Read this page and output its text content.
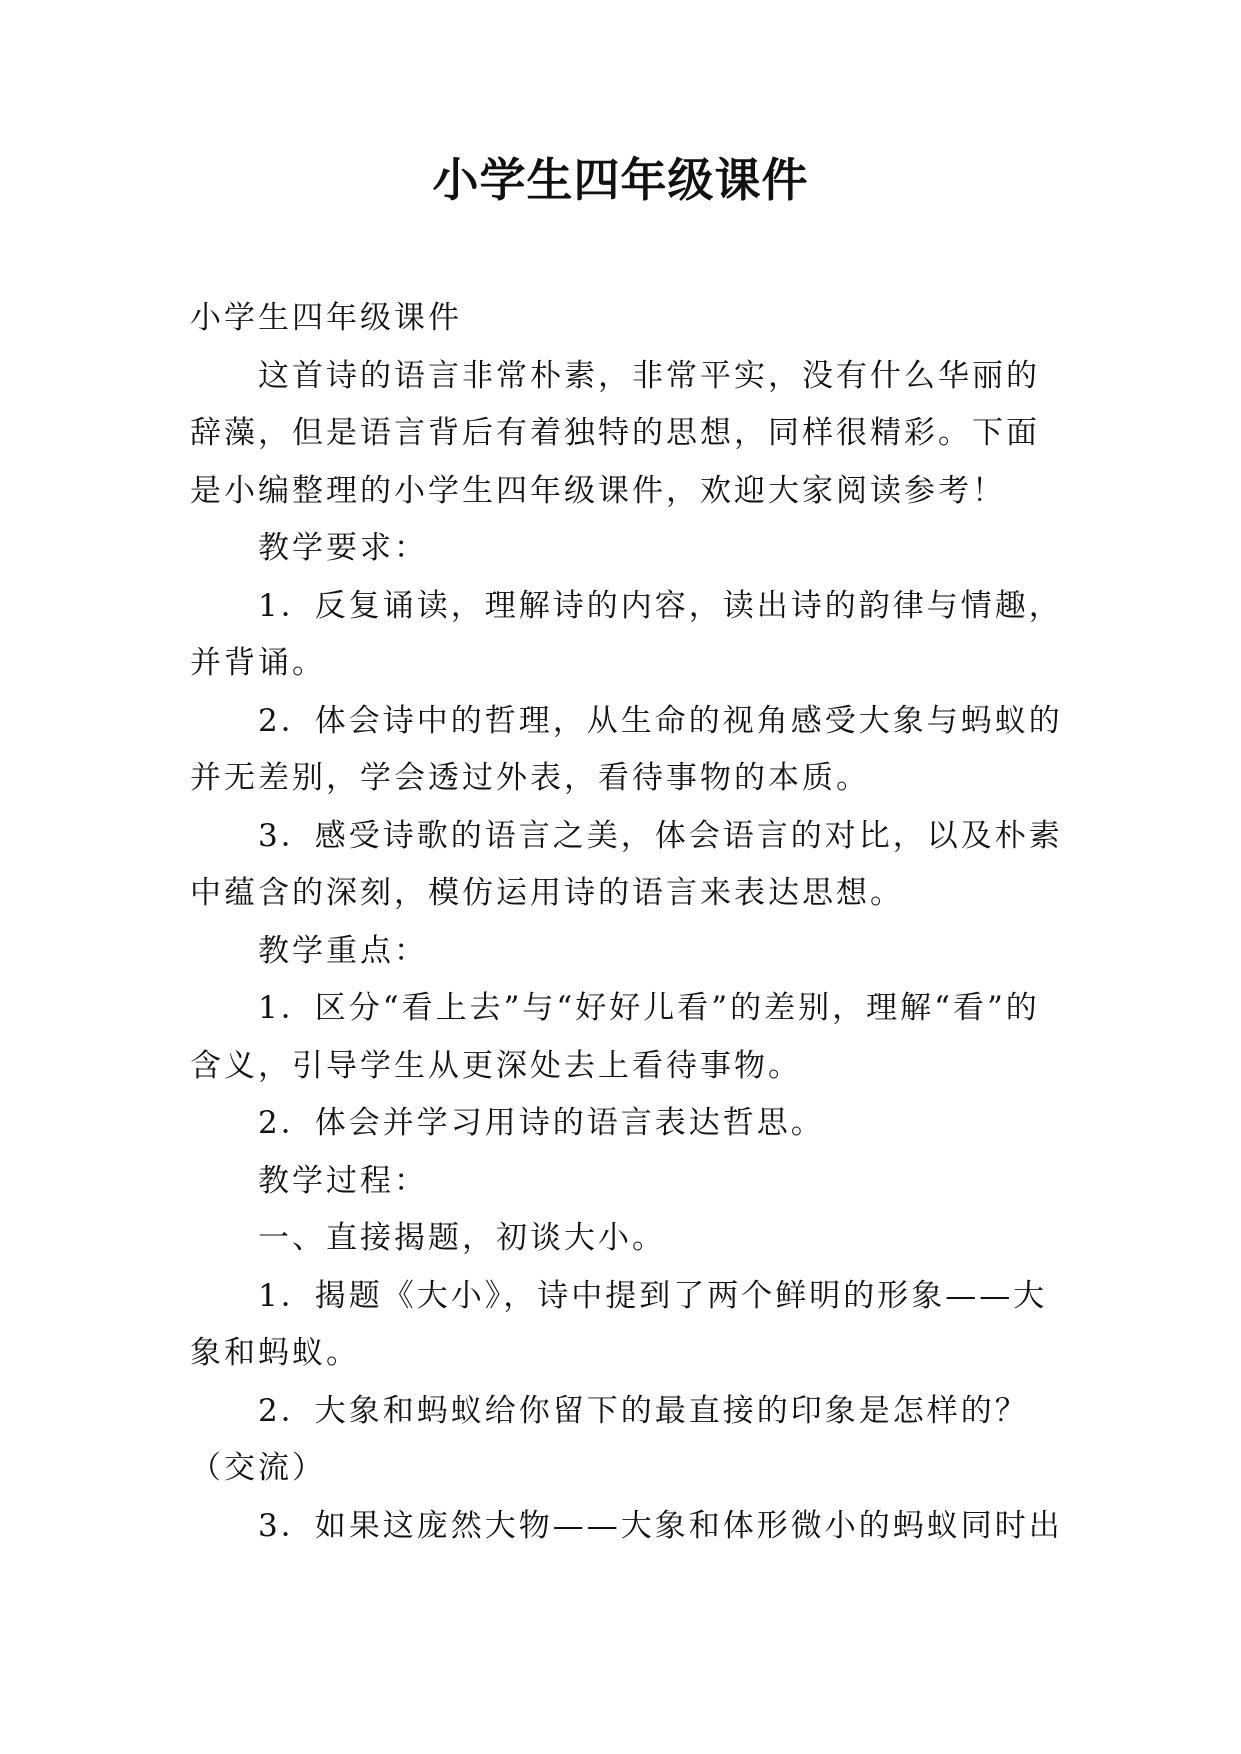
小学生四年级课件

小学生四年级课件

这首诗的语言非常朴素，非常平实，没有什么华丽的辞藻，但是语言背后有着独特的思想，同样很精彩。下面是小编整理的小学生四年级课件，欢迎大家阅读参考！

教学要求：

1．反复诵读，理解诗的内容，读出诗的韵律与情趣，并背诵。

2．体会诗中的哲理，从生命的视角感受大象与蚂蚁的并无差别，学会透过外表，看待事物的本质。

3．感受诗歌的语言之美，体会语言的对比，以及朴素中蕴含的深刻，模仿运用诗的语言来表达思想。

教学重点：

1．区分“看上去”与“好好儿看”的差别，理解“看”的含义，引导学生从更深处去上看待事物。

2．体会并学习用诗的语言表达哲思。

教学过程：

一、直接揭题，初谈大小。

1．揭题《大小》，诗中提到了两个鲜明的形象——大象和蚂蚁。

2．大象和蚂蚁给你留下的最直接的印象是怎样的？（交流）

3．如果这庞然大物——大象和体形微小的蚂蚁同时出
